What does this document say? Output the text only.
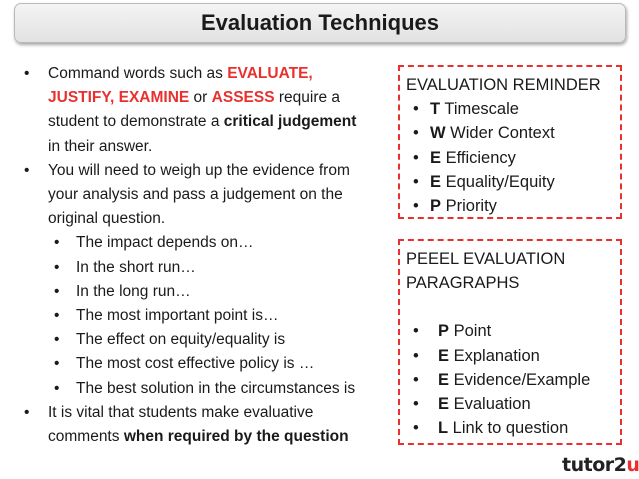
Evaluation Techniques
• Command words such as EVALUATE,
JUSTIFY, EXAMINE or ASSESS require a
student to demonstrate a critical judgement
in their answer.
• You will need to weigh up the evidence from
your analysis and pass a judgement on the
original question.
• The impact depends on…
• In the short run…
• In the long run…
• The most important point is…
• The effect on equity/equality is
• The most cost effective policy is …
• The best solution in the circumstances is
• It is vital that students make evaluative
comments when required by the question
EVALUATION REMINDER
• T Timescale
• W Wider Context
• E Efficiency
• E Equality/Equity
• P Priority
PEEEL EVALUATION
PARAGRAPHS
• P Point
• E Explanation
• E Evidence/Example
• E Evaluation
• L Link to question
tutor2u
